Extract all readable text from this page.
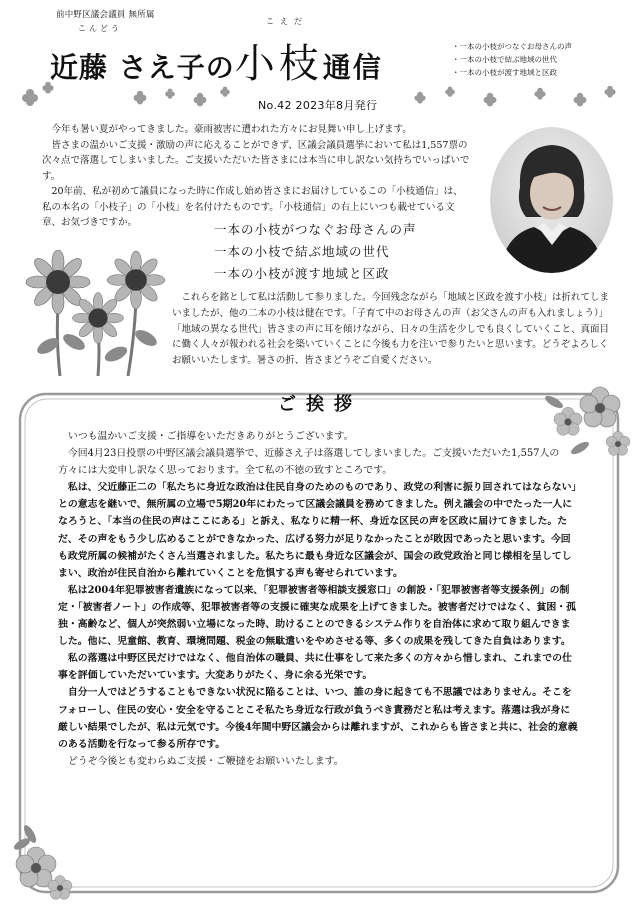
前中野区議会議員 無所属
こんどう
こえだ
近藤 さえ子の小枝通信
・ 一本の小枝がつなぐお母さんの声
・ 一本の小枝で結ぶ地域の世代
・ 一本の小枝が渡す地域と区政
No.42 2023年8月発行

今年も暑い夏がやってきました。豪雨被害に遭われた方々にお見舞い申し上げます。

皆さまの温かいご支援・激励の声に応えることができず、区議会議員選挙において私は1,557票の次々点で落選してしまいました。ご支援いただいた皆さまには本当に申し訳ない気持ちでいっぱいです。

20年前、私が初めて議員になった時に作成し始め皆さまにお届けしているこの「小枝通信」は、私の本名の「小枝子」の「小枝」を名付けたものです。「小枝通信」の右上にいつも載せている文章、お気づきですか。	一本の小枝がつなぐお母さんの声
一本の小枝で結ぶ地域の世代
一本の小枝が渡す地域と区政

これらを銘として私は活動して参りました。今回残念ながら「地域と区政を渡す小枝」は折れてしまいましたが、他の二本の小枝は健在です。「子育て中のお母さんの声（お父さんの声も入れましょう）」「地域の異なる世代」皆さまの声に耳を傾けながら、日々の生活を少しでも良くしていくこと、真面目に働く人々が報われる社会を築いていくことに今後も力を注いで参りたいと思います。どうぞよろしくお願いいたします。暑さの折、皆さまどうぞご自愛ください。

ご挨拶

いつも温かいご支援・ご指導をいただきありがとうございます。

今回4月23日投票の中野区議会議員選挙で、近藤さえ子は落選してしまいました。ご支援いただいた1,557人の方々には大変申し訳なく思っております。全て私の不徳の致すところです。

私は、父近藤正二の「私たちに身近な政治は住民自身のためのものであり、政党の利害に振り回されてはならない」との意志を継いで、無所属の立場で5期20年にわたって区議会議員を務めてきました。例え議会の中でたった一人になろうと、「本当の住民の声はここにある」と訴え、私なりに精一杯、身近な区民の声を区政に届けてきました。ただ、その声をもう少し広めることができなかった、広げる努力が足りなかったことが敗因であったと思います。今回も政党所属の候補がたくさん当選されました。私たちに最も身近な区議会が、国会の政党政治と同じ様相を呈してしまい、政治が住民自治から離れていくことを危惧する声も寄せられています。

私は2004年犯罪被害者遺族になって以来、「犯罪被害者等相談支援窓口」の創設・「犯罪被害者等支援条例」の制定・「被害者ノート」の作成等、犯罪被害者等の支援に確実な成果を上げてきました。被害者だけではなく、貧困・孤独・高齢など、個人が突然弱い立場になった時、助けることのできるシステム作りを自治体に求めて取り組んできました。他に、児童館、教育、環境問題、税金の無駄遣いをやめさせる等、多くの成果を残してきた自負はあります。

私の落選は中野区民だけではなく、他自治体の職員、共に仕事をして来た多くの方々から惜しまれ、これまでの仕事を評価していただいています。大変ありがたく、身に余る光栄です。

自分一人ではどうすることもできない状況に陥ることは、いつ、誰の身に起きても不思議ではありません。そこをフォローし、住民の安心・安全を守ることこそ私たち身近な行政が負うべき責務だと私は考えます。落選は我が身に厳しい結果でしたが、私は元気です。今後4年間中野区議会からは離れますが、これからも皆さまと共に、社会的意義のある活動を行なって参る所存です。

どうぞ今後とも変わらぬご支援・ご鞭撻をお願いいたします。
